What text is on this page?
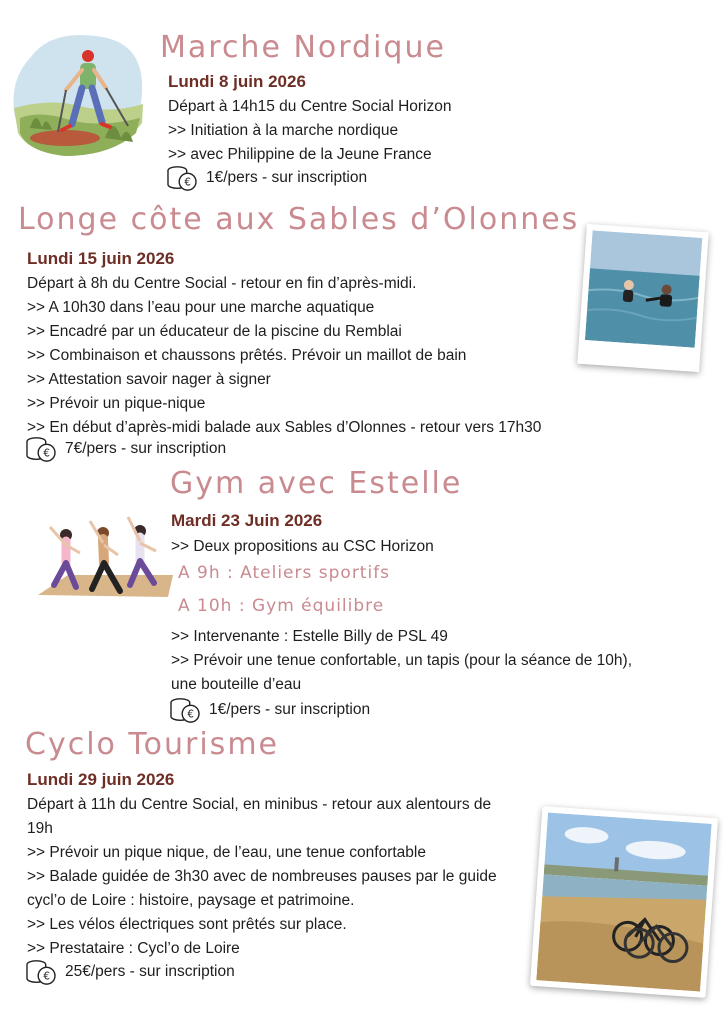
Marche Nordique
Lundi 8 juin 2026
Départ à 14h15 du Centre Social Horizon
>> Initiation à la marche nordique
>> avec Philippine de la Jeune France
1€/pers - sur inscription
Longe côte aux Sables d’Olonnes
Lundi 15 juin 2026
Départ à 8h du Centre Social - retour en fin d’après-midi.
>> A 10h30 dans l’eau pour une marche aquatique
>> Encadré par un éducateur de la piscine du Remblai
>> Combinaison et chaussons prêtés. Prévoir un maillot de bain
>> Attestation savoir nager à signer
>> Prévoir un pique-nique
>> En début d’après-midi balade aux Sables d’Olonnes - retour vers 17h30
7€/pers - sur inscription
Gym avec Estelle
Mardi 23 Juin 2026
>> Deux propositions au CSC Horizon
A 9h : Ateliers sportifs
A 10h : Gym équilibre
>> Intervenante : Estelle Billy de PSL 49
>> Prévoir une tenue confortable, un tapis (pour la séance de 10h),
une bouteille d’eau
1€/pers - sur inscription
Cyclo Tourisme
Lundi 29 juin 2026
Départ à 11h du Centre Social, en minibus - retour aux alentours de
19h
>> Prévoir un pique nique, de l’eau, une tenue confortable
>> Balade guidée de 3h30 avec de nombreuses pauses par le guide
cycl’o de Loire : histoire, paysage et patrimoine.
>> Les vélos électriques sont prêtés sur place.
>> Prestataire : Cycl’o de Loire
25€/pers - sur inscription
